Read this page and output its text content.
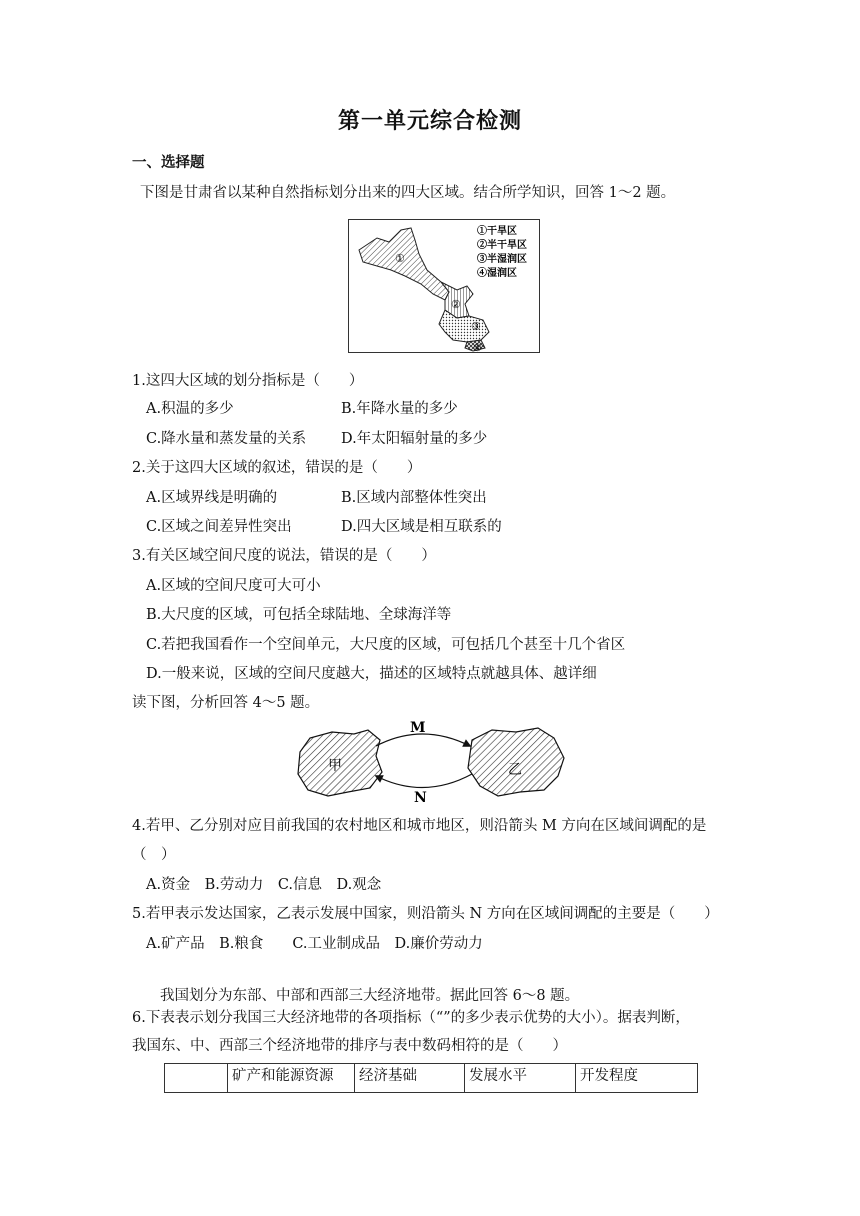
第一单元综合检测
一、选择题
下图是甘肃省以某种自然指标划分出来的四大区域。结合所学知识，回答 1～2 题。
①
②
③
④
①干旱区
②半干旱区
③半湿润区
④湿润区
1.这四大区域的划分指标是（　　）
A.积温的多少	B.年降水量的多少
C.降水量和蒸发量的关系 D.年太阳辐射量的多少
2.关于这四大区域的叙述，错误的是（　　）
A.区域界线是明确的	B.区域内部整体性突出
C.区域之间差异性突出	D.四大区域是相互联系的
3.有关区域空间尺度的说法，错误的是（　　）
A.区域的空间尺度可大可小
B.大尺度的区域，可包括全球陆地、全球海洋等
C.若把我国看作一个空间单元，大尺度的区域，可包括几个甚至十几个省区
D.一般来说，区域的空间尺度越大，描述的区域特点就越具体、越详细
读下图，分析回答 4～5 题。
M
N
甲	乙
4.若甲、乙分别对应目前我国的农村地区和城市地区，则沿箭头 M 方向在区域间调配的是
（　）
A.资金　B.劳动力　C.信息　D.观念
5.若甲表示发达国家，乙表示发展中国家，则沿箭头 N 方向在区域间调配的主要是（　　）
A.矿产品　B.粮食　　C.工业制成品　D.廉价劳动力
我国划分为东部、中部和西部三大经济地带。据此回答 6～8 题。
6.下表表示划分我国三大经济地带的各项指标（“”的多少表示优势的大小）。据表判断，
我国东、中、西部三个经济地带的排序与表中数码相符的是（　　）
	矿产和能源资源	经济基础	发展水平	开发程度
